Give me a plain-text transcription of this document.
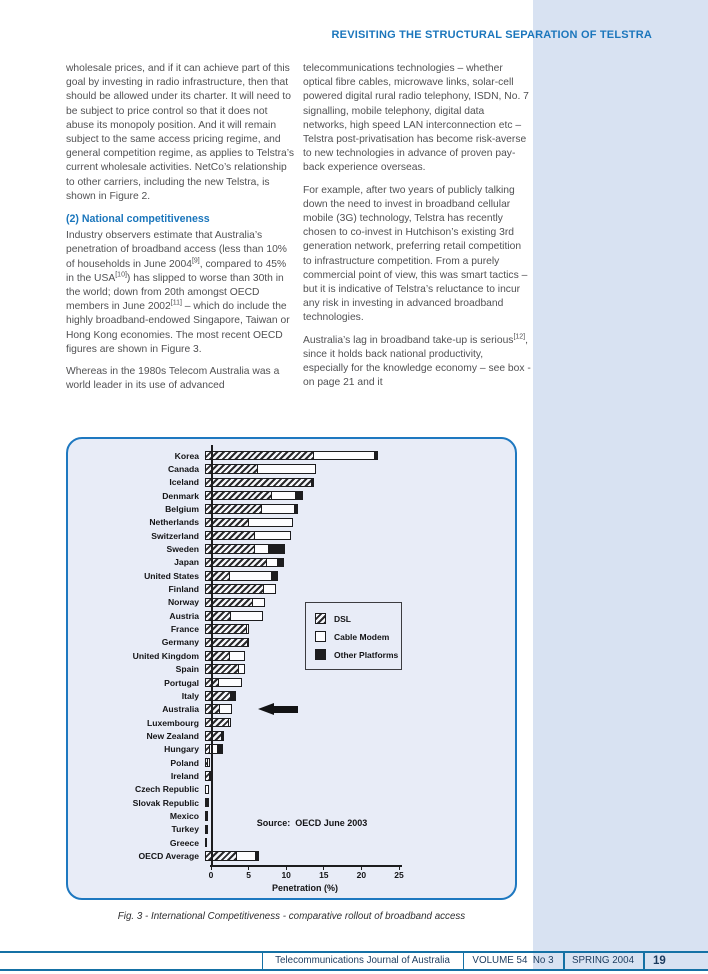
REVISITING THE STRUCTURAL SEPARATION OF TELSTRA

wholesale prices, and if it can achieve part of this goal by investing in radio infrastructure, then that should be allowed under its charter. It will need to be subject to price control so that it does not abuse its monopoly position. And it will remain subject to the same access pricing regime, and general competition regime, as applies to Telstra’s current wholesale activities. NetCo’s relationship to other carriers, including the new Telstra, is shown in Figure 2.

(2) National competitiveness

Industry observers estimate that Australia’s penetration of broadband access (less than 10% of households in June 2004[9], compared to 45% in the USA[10]) has slipped to worse than 30th in the world; down from 20th amongst OECD members in June 2002[11] – which do include the highly broadband-endowed Singapore, Taiwan or Hong Kong economies. The most recent OECD figures are shown in Figure 3.

Whereas in the 1980s Telecom Australia was a world leader in its use of advanced

telecommunications technologies – whether optical fibre cables, microwave links, solar-cell powered digital rural radio telephony, ISDN, No. 7 signalling, mobile telephony, digital data networks, high speed LAN interconnection etc – Telstra post-privatisation has become risk-averse to new technologies in advance of proven pay-back experience overseas.

For example, after two years of publicly talking down the need to invest in broadband cellular mobile (3G) technology, Telstra has recently chosen to co-invest in Hutchison’s existing 3rd generation network, preferring retail competition to infrastructure competition. From a purely commercial point of view, this was smart tactics – but it is indicative of Telstra’s reluctance to incur any risk in investing in advanced broadband technologies.

Australia’s lag in broadband take-up is serious[12], since it holds back national productivity, especially for the knowledge economy – see box - on page 21 and it

Korea
Canada
Iceland
Denmark
Belgium
Netherlands
Switzerland
Sweden
Japan
United States
Finland
Norway
Austria
France
Germany
United Kingdom
Spain
Portugal
Italy
Australia
Luxembourg
New Zealand
Hungary
Poland
Ireland
Czech Republic
Slovak Republic
Mexico
Turkey
Greece
OECD Average
0	5	10	15	20	25
Penetration (%)
DSL
Cable Modem
Other Platforms
Source:  OECD June 2003
Fig. 3 - International Competitiveness - comparative rollout of broadband access
Telecommunications Journal of Australia	VOLUME 54  No 3	SPRING 2004	19
